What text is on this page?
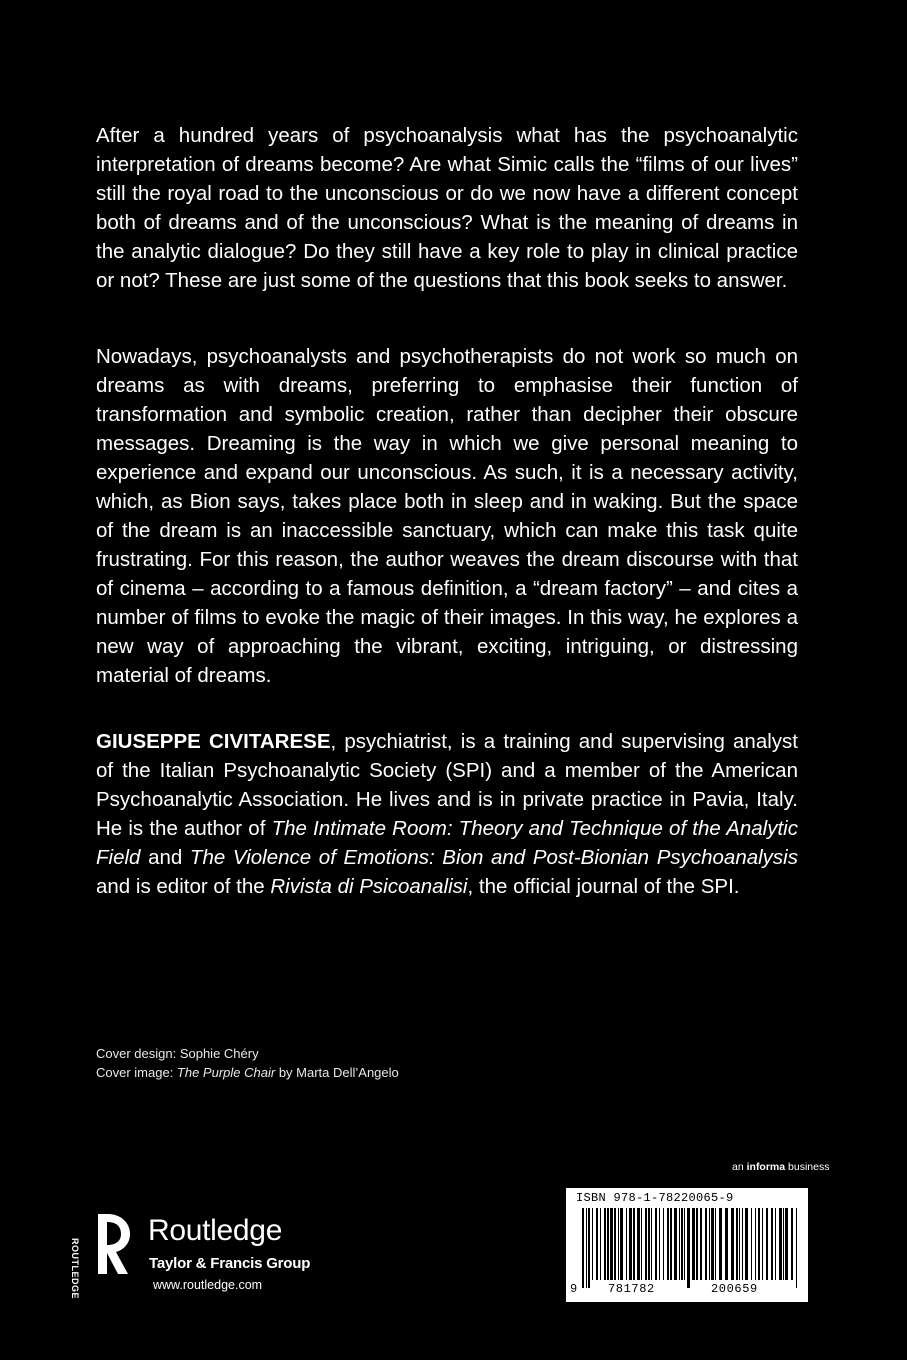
After a hundred years of psychoanalysis what has the psychoanalytic interpretation of dreams become? Are what Simic calls the “films of our lives” still the royal road to the unconscious or do we now have a different concept both of dreams and of the unconscious? What is the meaning of dreams in the analytic dialogue? Do they still have a key role to play in clinical practice or not? These are just some of the questions that this book seeks to answer.

Nowadays, psychoanalysts and psychotherapists do not work so much on dreams as with dreams, preferring to emphasise their function of transformation and symbolic creation, rather than decipher their obscure messages. Dreaming is the way in which we give personal meaning to experience and expand our unconscious. As such, it is a necessary activity, which, as Bion says, takes place both in sleep and in waking. But the space of the dream is an inaccessible sanctuary, which can make this task quite frustrating. For this reason, the author weaves the dream discourse with that of cinema – according to a famous definition, a “dream factory” – and cites a number of films to evoke the magic of their images. In this way, he explores a new way of approaching the vibrant, exciting, intriguing, or distressing material of dreams.

GIUSEPPE CIVITARESE, psychiatrist, is a training and supervising analyst of the Italian Psychoanalytic Society (SPI) and a member of the American Psychoanalytic Association. He lives and is in private practice in Pavia, Italy. He is the author of The Intimate Room: Theory and Technique of the Analytic Field and The Violence of Emotions: Bion and Post-Bionian Psychoanalysis and is editor of the Rivista di Psicoanalisi, the official journal of the SPI.

Cover design: Sophie Chéry
Cover image: The Purple Chair by Marta Dell’Angelo
an informa business
ROUTLEDGE
Routledge
Taylor & Francis Group
www.routledge.com
ISBN 978-1-78220065-9
9	781782	200659
